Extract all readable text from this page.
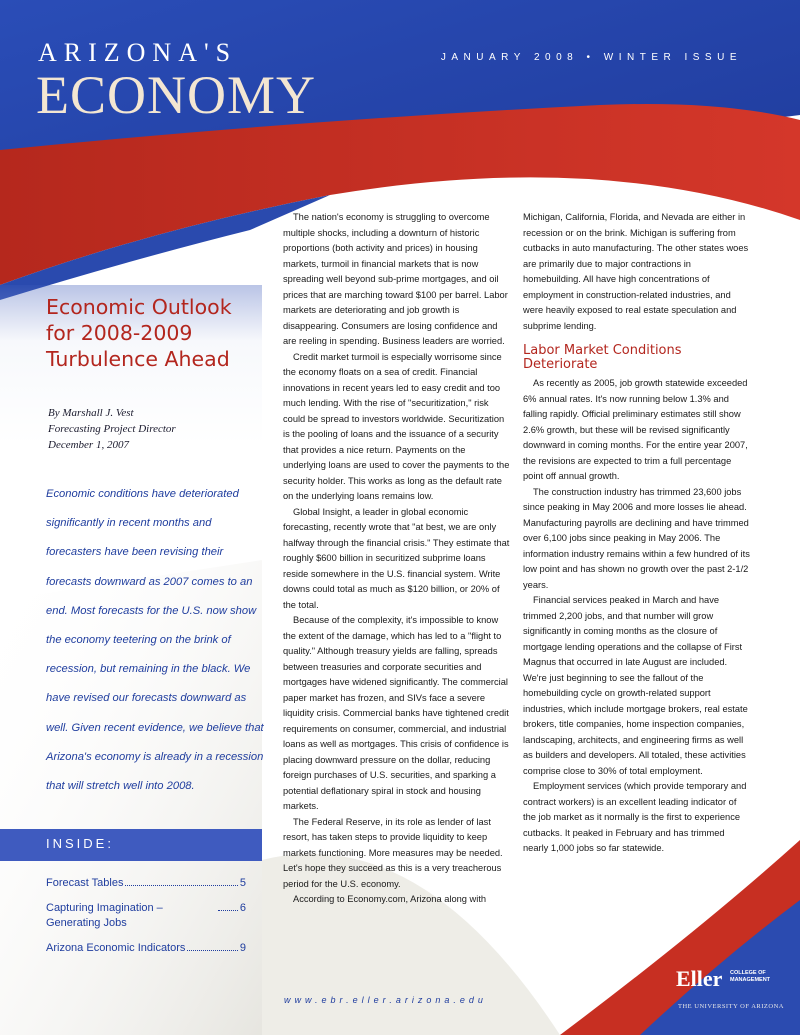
ARIZONA'S
ECONOMY
JANUARY 2008 • WINTER ISSUE
Economic Outlook
for 2008-2009
Turbulence Ahead
By Marshall J. Vest
Forecasting Project Director
December 1, 2007
Economic conditions have deteriorated significantly in recent months and forecasters have been revising their forecasts downward as 2007 comes to an end. Most forecasts for the U.S. now show the economy teetering on the brink of recession, but remaining in the black. We have revised our forecasts downward as well. Given recent evidence, we believe that Arizona's economy is already in a recession that will stretch well into 2008.
INSIDE:
Forecast Tables	5
Capturing Imagination – Generating Jobs
6
Arizona Economic Indicators	9

The nation's economy is struggling to overcome multiple shocks, including a downturn of historic proportions (both activity and prices) in housing markets, turmoil in financial markets that is now spreading well beyond sub-prime mortgages, and oil prices that are marching toward $100 per barrel. Labor markets are deteriorating and job growth is disappearing. Consumers are losing confidence and are reeling in spending. Business leaders are worried.

Credit market turmoil is especially worrisome since the economy floats on a sea of credit. Financial innovations in recent years led to easy credit and too much lending. With the rise of "securitization," risk could be spread to investors worldwide. Securitization is the pooling of loans and the issuance of a security that provides a nice return. Payments on the underlying loans are used to cover the payments to the security holder. This works as long as the default rate on the underlying loans remains low.

Global Insight, a leader in global economic forecasting, recently wrote that "at best, we are only halfway through the financial crisis." They estimate that roughly $600 billion in securitized subprime loans reside somewhere in the U.S. financial system. Write downs could total as much as $120 billion, or 20% of the total.

Because of the complexity, it's impossible to know the extent of the damage, which has led to a "flight to quality." Although treasury yields are falling, spreads between treasuries and corporate securities and mortgages have widened significantly. The commercial paper market has frozen, and SIVs face a severe liquidity crisis. Commercial banks have tightened credit requirements on consumer, commercial, and industrial loans as well as mortgages. This crisis of confidence is placing downward pressure on the dollar, reducing foreign purchases of U.S. securities, and sparking a potential deflationary spiral in stock and housing markets.

The Federal Reserve, in its role as lender of last resort, has taken steps to provide liquidity to keep markets functioning. More measures may be needed. Let's hope they succeed as this is a very treacherous period for the U.S. economy.

According to Economy.com, Arizona along with

Michigan, California, Florida, and Nevada are either in recession or on the brink. Michigan is suffering from cutbacks in auto manufacturing. The other states woes are primarily due to major contractions in homebuilding. All have high concentrations of employment in construction-related industries, and were heavily exposed to real estate speculation and subprime lending.

Labor Market Conditions
Deteriorate

As recently as 2005, job growth statewide exceeded 6% annual rates. It's now running below 1.3% and falling rapidly. Official preliminary estimates still show 2.6% growth, but these will be revised significantly downward in coming months. For the entire year 2007, the revisions are expected to trim a full percentage point off annual growth.

The construction industry has trimmed 23,600 jobs since peaking in May 2006 and more losses lie ahead. Manufacturing payrolls are declining and have trimmed over 6,100 jobs since peaking in May 2006. The information industry remains within a few hundred of its low point and has shown no growth over the past 2-1/2 years.

Financial services peaked in March and have trimmed 2,200 jobs, and that number will grow significantly in coming months as the closure of mortgage lending operations and the collapse of First Magnus that occurred in late August are included. We're just beginning to see the fallout of the homebuilding cycle on growth-related support industries, which include mortgage brokers, real estate brokers, title companies, home inspection companies, landscaping, architects, and engineering firms as well as builders and developers. All totaled, these activities comprise close to 30% of total employment.

Employment services (which provide temporary and contract workers) is an excellent leading indicator of the job market as it normally is the first to experience cutbacks. It peaked in February and has trimmed nearly 1,000 jobs so far statewide.

www.ebr.eller.arizona.edu
Eller COLLEGE OF MANAGEMENT
THE UNIVERSITY OF ARIZONA
